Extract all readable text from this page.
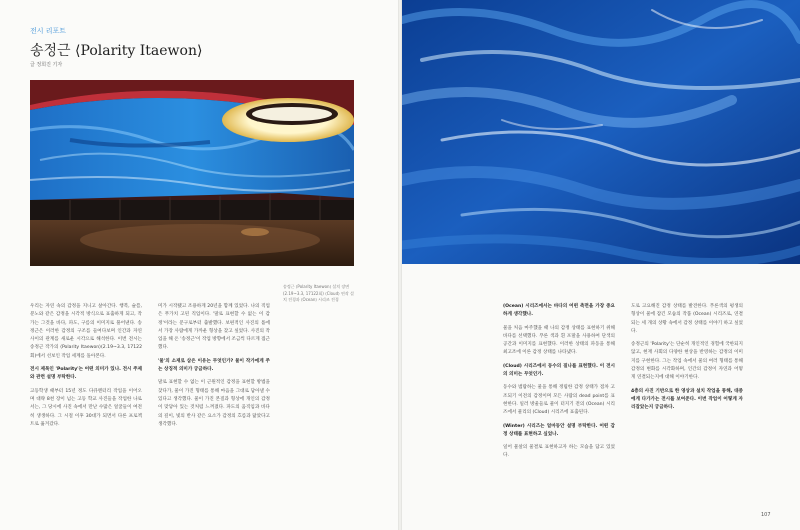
전시 리포트
송정근 ⟨Polarity Itaewon⟩
글 정희진 기자
송정근 ⟨Polarity Itaewon⟩ 설치 장면(2.19~3.3, 17122회) ⟨Cloud⟩ 연작 설치 전경과 ⟨Ocean⟩ 시리즈 전경

우리는 자연 속의 감정을 지니고 살아간다. 행복, 슬픔, 분노와 같은 감정을 시각적 방식으로 표출하게 되고, 작가는 그것을 바다, 파도, 구름의 이미지로 풀어낸다. 송정근은 이러한 감정의 구조를 들여다보며 인간과 자연 사이의 관계를 새로운 시각으로 해석한다. 이번 전시는 송정근 작가의 ⟨Polarity Itaewon⟩(2.19~3.3, 17122회)에서 선보인 작업 세계를 돌아본다.

전시 제목인 'Polarity'는 어떤 의미가 있나. 전시 주제와 관련 설명 부탁한다.

고등학생 때부터 15년 정도 다큐멘터리 작업을 이어오며 대략 8천 장이 넘는 고등 학교 사진들을 작업한 나로서는, 그 당시에 사진 속에서 만난 수많은 얼굴들이 여전히 생생하다. 그 시절 이후 30대가 되면서 다른 프로젝트로 옮겨갔다.

미가 시작됐고 조용하게 20년을 함께 있었다. 나의 직업은 무가치 고된 직업이다. '말로 표현할 수 없는 이 감정'이라는 문구로부터 출발했다. 보편적인 사진의 틀에서 가장 사람에게 가까운 형상을 찾고 싶었다. 사진의 작업을 해 온 '송정근'이 작업 방향에서 조금씩 다르게 접근했다.

'물'의 소재로 삼은 이유는 무엇인가? 물이 작가에게 주는 상징적 의미가 궁금하다.

말로 표현할 수 없는 이 근원적인 감정을 표현할 방법을 찾다가, 물이 가진 형태를 통해 마음을 그대로 담아낼 수 있다고 생각했다. 물이 가진 본질과 형상에 개인의 감정이 맞닿아 있는 것처럼 느껴졌다. 파도의 움직임과 바다의 깊이, 빛의 반사 같은 요소가 감정의 흐름과 닮았다고 생각했다.

(Ocean) 시리즈에서는 바다의 어떤 측면을 가장 중요하게 생각했나.

물을 처음 마주했을 때 나의 감정 상태를 표현하기 위해 바다를 선택했다. 푸른 색과 흰 포말을 사용하여 단색의 공간과 이미지를 표현했다. 이러한 상태의 파동을 통해 최고조에 이른 감정 상태를 나타냈다.

(Cloud) 시리즈에서 동수의 질나를 표현했다. 이 전시의 의미는 무엇인가.

동수와 범람하는 물을 통해 정립한 감정 상태가 점차 고조되기 이전의 감정이며 모든 사람의 dead point를 표현한다. 일러 방울들로 물이 터지기 전의 (Ocean) 시리즈에서 물리의 (Cloud) 시리즈에 표출된다.

(Winter) 시리즈는 얼마동안 설명 부탁한다. 어떤 감정 상태를 표현하고 싶었나.

일어 물살의 물결로 표현하고자 하는 모습을 담고 있었다.

도로 고요해진 감정 상태를 발견한다. 푸른색의 평생의 형상이 물에 잠긴 모습의 작품 (Ocean) 시리즈로, 연결되는 세 개의 상황 속에서 감정 상태를 이야기 하고 싶었다.

송정근의 'Polarity'는 단순히 개인적인 경험에 국한되지 않고, 현재 사회의 다양한 현상을 반영하는 감정의 이미지를 구현한다. 그는 작업 속에서 물의 여러 형태를 통해 감정의 변화를 시각화하며, 인간의 감정이 자연과 어떻게 연결되는지에 대해 이야기한다.

4층의 사진 기반으로 한 영상과 설치 작업을 통해, 대중에게 다가가는 전시를 보여준다. 이번 작업이 어떻게 자리잡았는지 궁금하다.

107
